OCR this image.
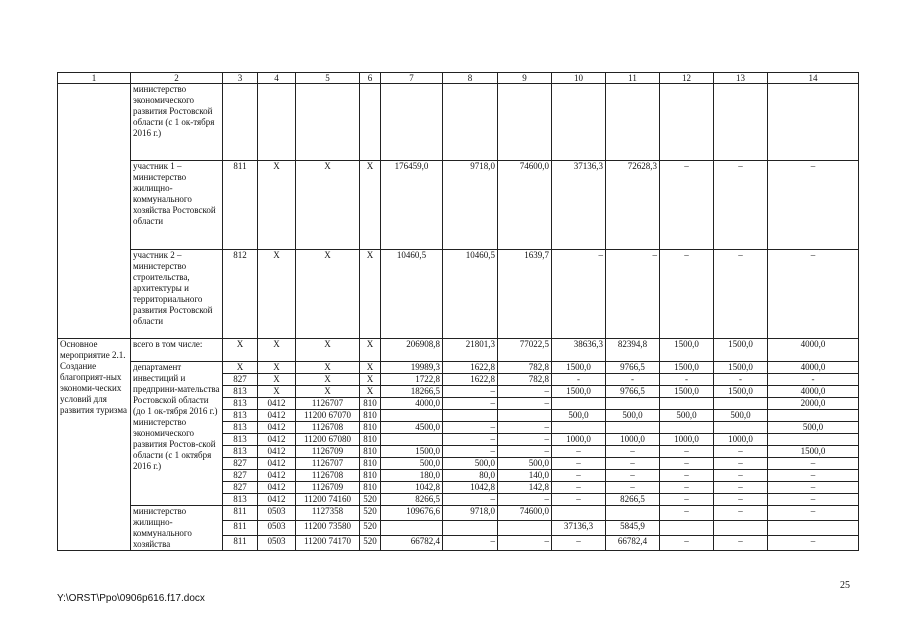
1	2	3	4	5	6	7	8	9	10	11	12	13	14
	министерство экономического развития Ростовской области (с 1 ок-тября 2016 г.)												
	участник 1 – министерство жилищно-коммунального хозяйства Ростовской области	811	Х	Х	Х	176459,0	9718,0	74600,0	37136,3	72628,3	–	–	–
	участник 2 – министерство строительства, архитектуры и территориального развития Ростовской области	812	Х	Х	Х	10460,5	10460,5	1639,7	–	–	–	–	–
Основное мероприятие 2.1. Создание благоприят-ных экономи-ческих условий для развития туризма	всего в том числе:	Х	Х	Х	Х	206908,8	21801,3	77022,5	38636,3	82394,8	1500,0	1500,0	4000,0
	департамент инвестиций и предприни-мательства Ростовской области (до 1 ок-тября 2016 г.) министерство экономического развития Ростов-ской области (с 1 октября 2016 г.)	Х	Х	Х	Х	19989,3	1622,8	782,8	1500,0	9766,5	1500,0	1500,0	4000,0
		827	Х	Х	Х	1722,8	1622,8	782,8	-	-	-	-	-
		813	Х	Х	Х	18266,5	–	–	1500,0	9766,5	1500,0	1500,0	4000,0
		813	0412	1126707	810	4000,0	–	–					2000,0
		813	0412	11200 67070	810				500,0	500,0	500,0	500,0	
		813	0412	1126708	810	4500,0	–	–					500,0
		813	0412	11200 67080	810		–	–	1000,0	1000,0	1000,0	1000,0	
		813	0412	1126709	810	1500,0	–	–	–	–	–	–	1500,0
		827	0412	1126707	810	500,0	500,0	500,0	–	–	–	–	–
		827	0412	1126708	810	180,0	80,0	140,0	–	–	–	–	–
		827	0412	1126709	810	1042,8	1042,8	142,8	–	–	–	–	–
		813	0412	11200 74160	520	8266,5	–	–	–	8266,5	–	–	–
	министерство жилищно-коммунального хозяйства	811	0503	1127358	520	109676,6	9718,0	74600,0			–	–	–
		811	0503	11200 73580	520				37136,3	5845,9			
		811	0503	11200 74170	520	66782,4	–	–	–	66782,4	–	–	–
25
Y:\ORST\Ppo\0906p616.f17.docx
